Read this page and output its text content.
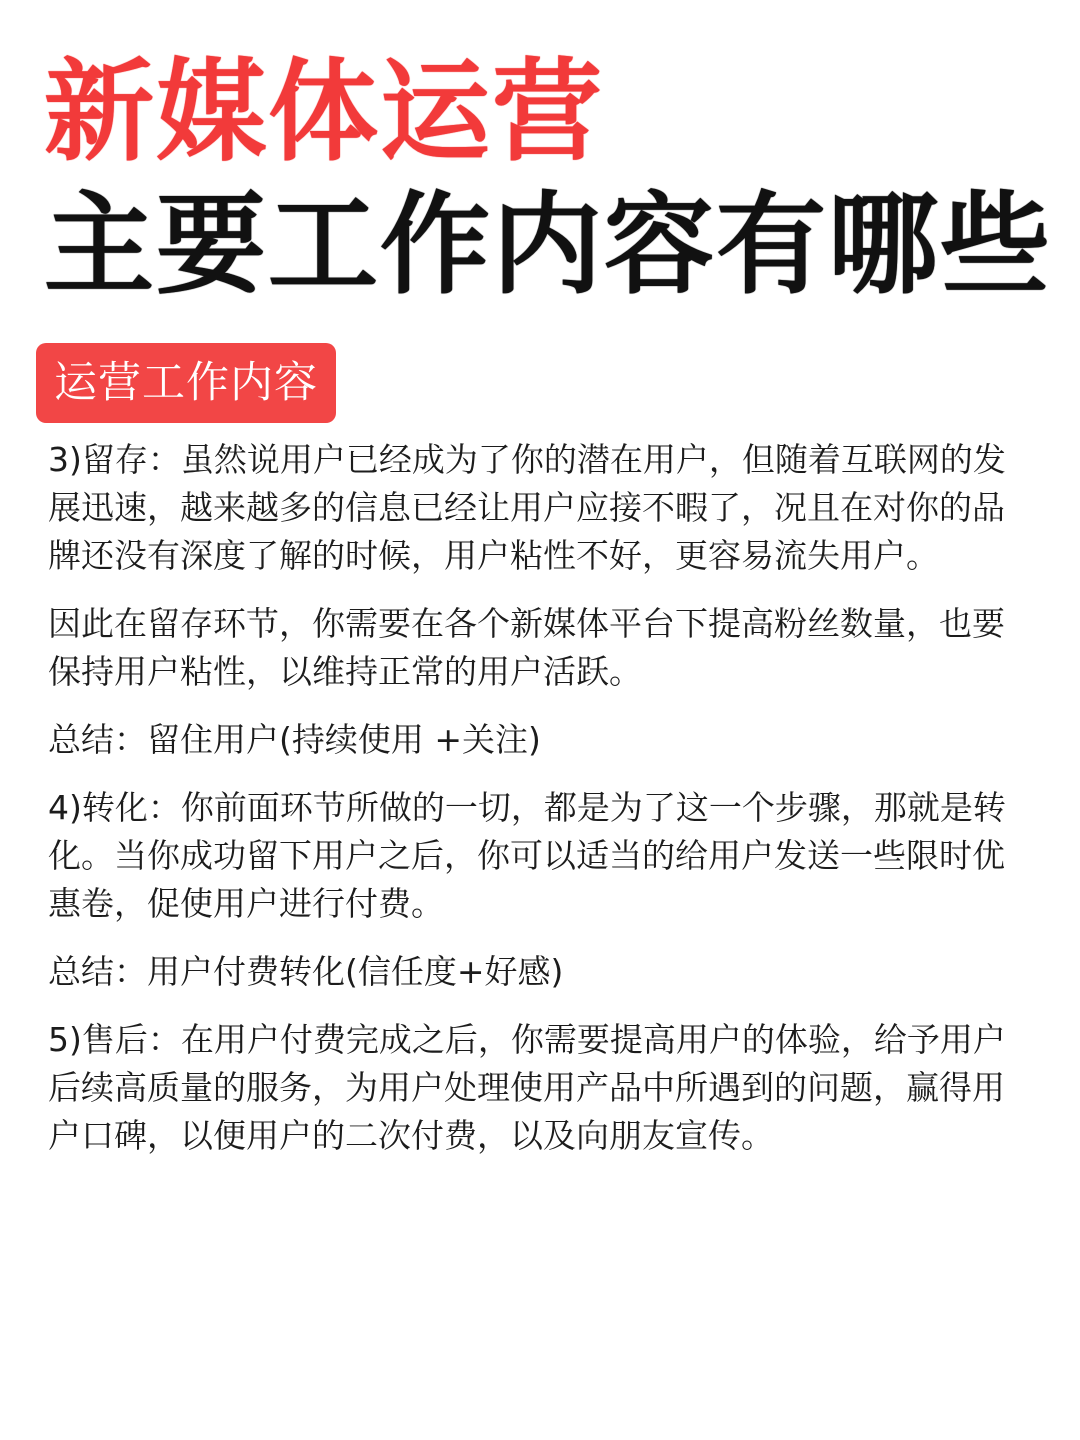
新媒体运营
主要工作内容有哪些
运营工作内容

3)留存：虽然说用户已经成为了你的潜在用户，但随着互联网的发展迅速，越来越多的信息已经让用户应接不暇了，况且在对你的品牌还没有深度了解的时候，用户粘性不好，更容易流失用户。

因此在留存环节，你需要在各个新媒体平台下提高粉丝数量，也要保持用户粘性，以维持正常的用户活跃。

总结：留住用户(持续使用 +关注)

4)转化：你前面环节所做的一切，都是为了这一个步骤，那就是转化。当你成功留下用户之后，你可以适当的给用户发送一些限时优惠卷，促使用户进行付费。

总结：用户付费转化(信任度+好感)

5)售后：在用户付费完成之后，你需要提高用户的体验，给予用户后续高质量的服务，为用户处理使用产品中所遇到的问题，赢得用户口碑，以便用户的二次付费，以及向朋友宣传。
